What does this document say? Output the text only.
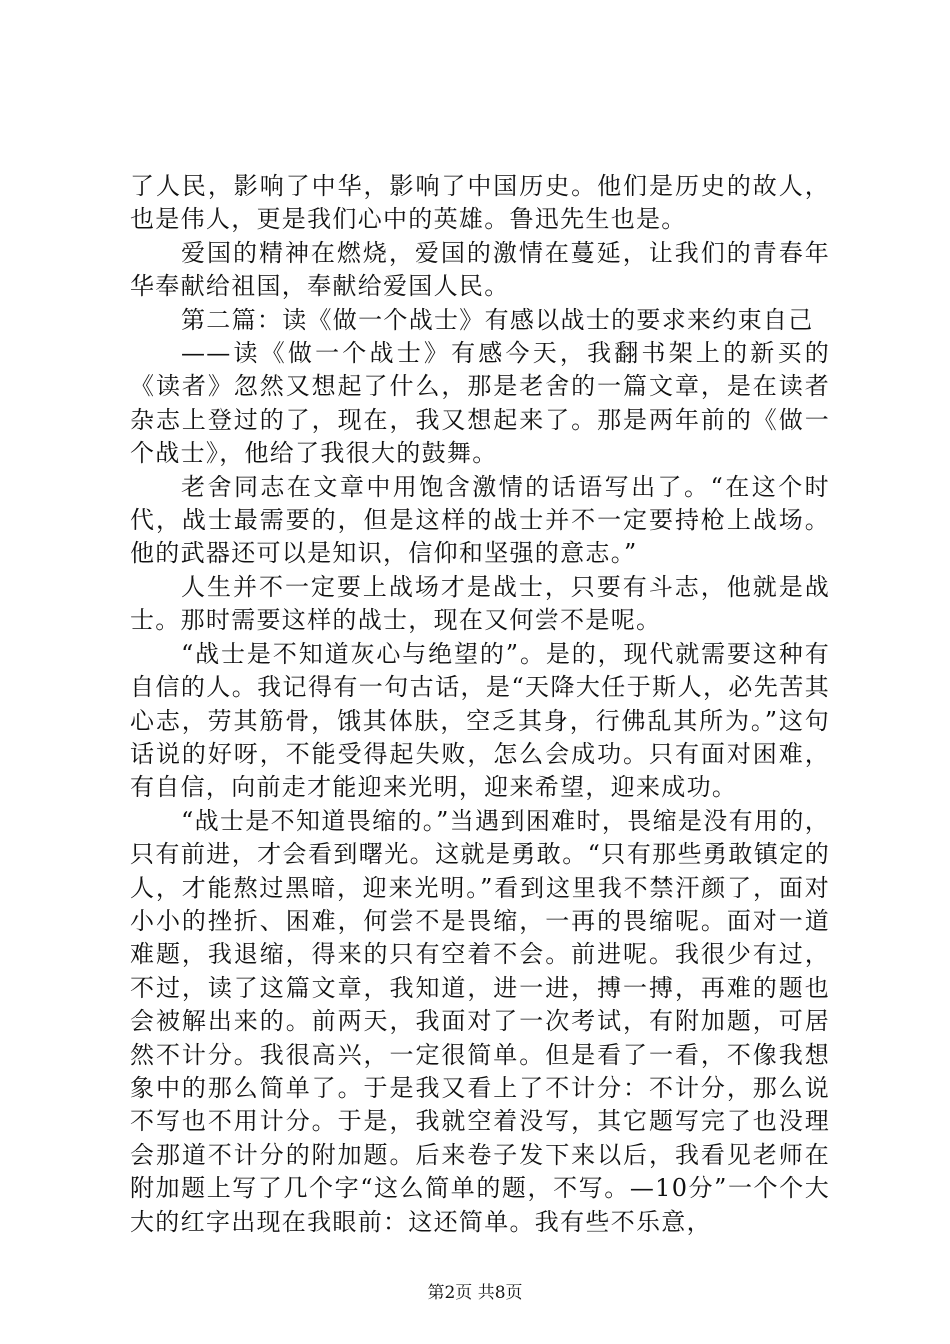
了人民，影响了中华，影响了中国历史。他们是历史的故人，也是伟人，更是我们心中的英雄。鲁迅先生也是。

爱国的精神在燃烧，爱国的激情在蔓延，让我们的青春年华奉献给祖国，奉献给爱国人民。

第二篇：读《做一个战士》有感以战士的要求来约束自己

——读《做一个战士》有感今天，我翻书架上的新买的《读者》忽然又想起了什么，那是老舍的一篇文章，是在读者杂志上登过的了，现在，我又想起来了。那是两年前的《做一个战士》，他给了我很大的鼓舞。

老舍同志在文章中用饱含激情的话语写出了。“在这个时代，战士最需要的，但是这样的战士并不一定要持枪上战场。他的武器还可以是知识，信仰和坚强的意志。”

人生并不一定要上战场才是战士，只要有斗志，他就是战士。那时需要这样的战士，现在又何尝不是呢。

“战士是不知道灰心与绝望的”。是的，现代就需要这种有自信的人。我记得有一句古话，是“天降大任于斯人，必先苦其心志，劳其筋骨，饿其体肤，空乏其身，行佛乱其所为。”这句话说的好呀，不能受得起失败，怎么会成功。只有面对困难，有自信，向前走才能迎来光明，迎来希望，迎来成功。

“战士是不知道畏缩的。”当遇到困难时，畏缩是没有用的，只有前进，才会看到曙光。这就是勇敢。“只有那些勇敢镇定的人，才能熬过黑暗，迎来光明。”看到这里我不禁汗颜了，面对小小的挫折、困难，何尝不是畏缩，一再的畏缩呢。面对一道难题，我退缩，得来的只有空着不会。前进呢。我很少有过，不过，读了这篇文章，我知道，进一进，搏一搏，再难的题也会被解出来的。前两天，我面对了一次考试，有附加题，可居然不计分。我很高兴，一定很简单。但是看了一看，不像我想象中的那么简单了。于是我又看上了不计分：不计分，那么说不写也不用计分。于是，我就空着没写，其它题写完了也没理会那道不计分的附加题。后来卷子发下来以后，我看见老师在附加题上写了几个字“这么简单的题，不写。—10分”一个个大大的红字出现在我眼前：这还简单。我有些不乐意，

第2页 共8页
